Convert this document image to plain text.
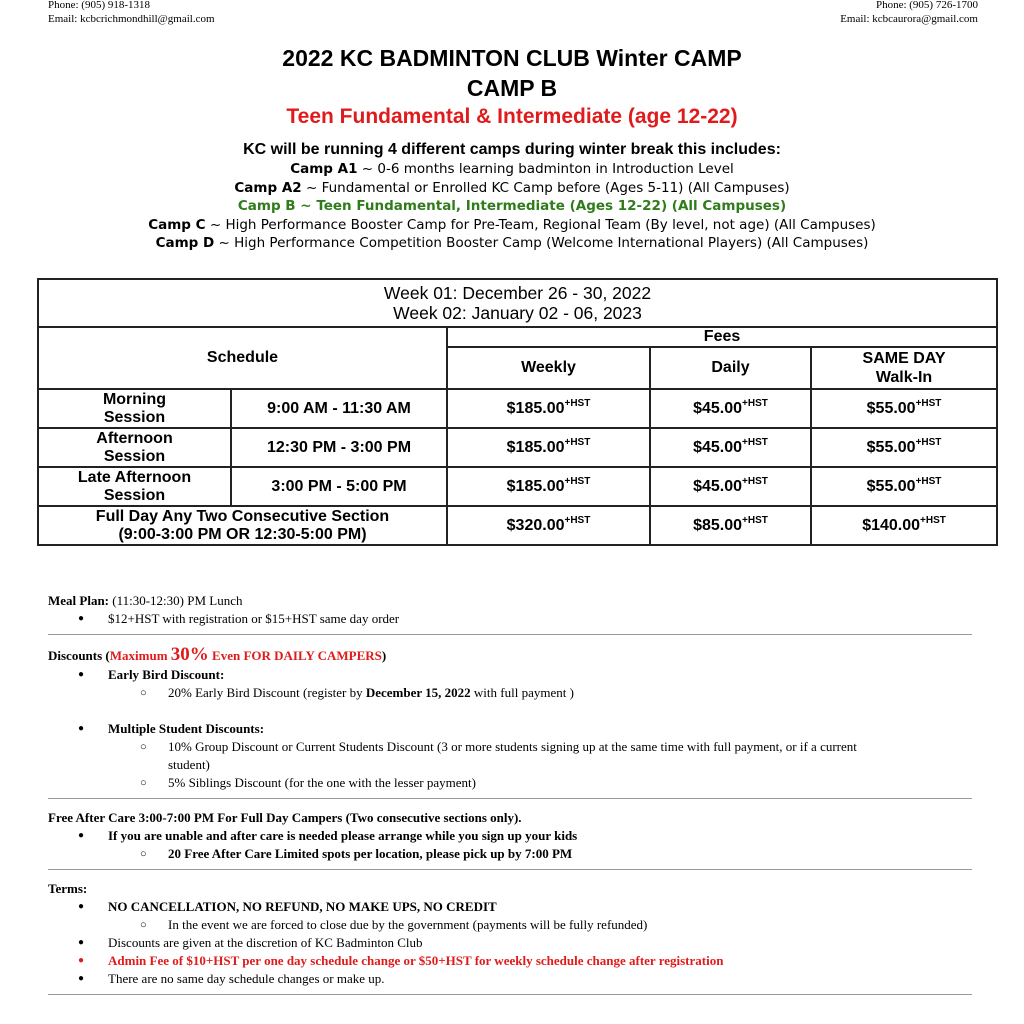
Phone: (905) 918-1318
Email: kcbcrichmondhill@gmail.com
Phone: (905) 726-1700
Email: kcbcaurora@gmail.com
2022 KC BADMINTON CLUB Winter CAMP
CAMP B
Teen Fundamental & Intermediate (age 12-22)
KC will be running 4 different camps during winter break this includes:
Camp A1 ~ 0-6 months learning badminton in Introduction Level
Camp A2 ~ Fundamental or Enrolled KC Camp before (Ages 5-11) (All Campuses)
Camp B ~ Teen Fundamental, Intermediate (Ages 12-22) (All Campuses)
Camp C ~ High Performance Booster Camp for Pre-Team, Regional Team (By level, not age) (All Campuses)
Camp D ~ High Performance Competition Booster Camp (Welcome International Players) (All Campuses)
Week 01: December 26 - 30, 2022
Week 02: January 02 - 06, 2023				

Schedule		Fees		
		Weekly	Daily	SAME DAY
Walk-In

Morning
Session	9:00 AM - 11:30 AM	$\$185.00^{+HST}$	$\$45.00^{+HST}$	$\$55.00^{+HST}$

Afternoon
Session	12:30 PM - 3:00 PM	$\$185.00^{+HST}$	$\$45.00^{+HST}$	$\$55.00^{+HST}$

Late Afternoon
Session	3:00 PM - 5:00 PM	$\$185.00^{+HST}$	$\$45.00^{+HST}$	$\$55.00^{+HST}$

Full Day Any Two Consecutive Section
(9:00-3:00 PM OR 12:30-5:00 PM)		$\$320.00^{+HST}$	$\$85.00^{+HST}$	$\$140.00^{+HST}$
Meal Plan: (11:30-12:30) PM Lunch
● $12+HST with registration or $15+HST same day order
Discounts (Maximum 30% Even FOR DAILY CAMPERS)
● Early Bird Discount:
○ 20% Early Bird Discount (register by December 15, 2022 with full payment )
● Multiple Student Discounts:
○ 10% Group Discount or Current Students Discount (3 or more students signing up at the same time with full payment, or if a current
student)
○ 5% Siblings Discount (for the one with the lesser payment)
Free After Care 3:00-7:00 PM For Full Day Campers (Two consecutive sections only).
● If you are unable and after care is needed please arrange while you sign up your kids
○ 20 Free After Care Limited spots per location, please pick up by 7:00 PM
Terms:
● NO CANCELLATION, NO REFUND, NO MAKE UPS, NO CREDIT
○ In the event we are forced to close due by the government (payments will be fully refunded)
● Discounts are given at the discretion of KC Badminton Club
● Admin Fee of $10+HST per one day schedule change or $50+HST for weekly schedule change after registration
● There are no same day schedule changes or make up.
